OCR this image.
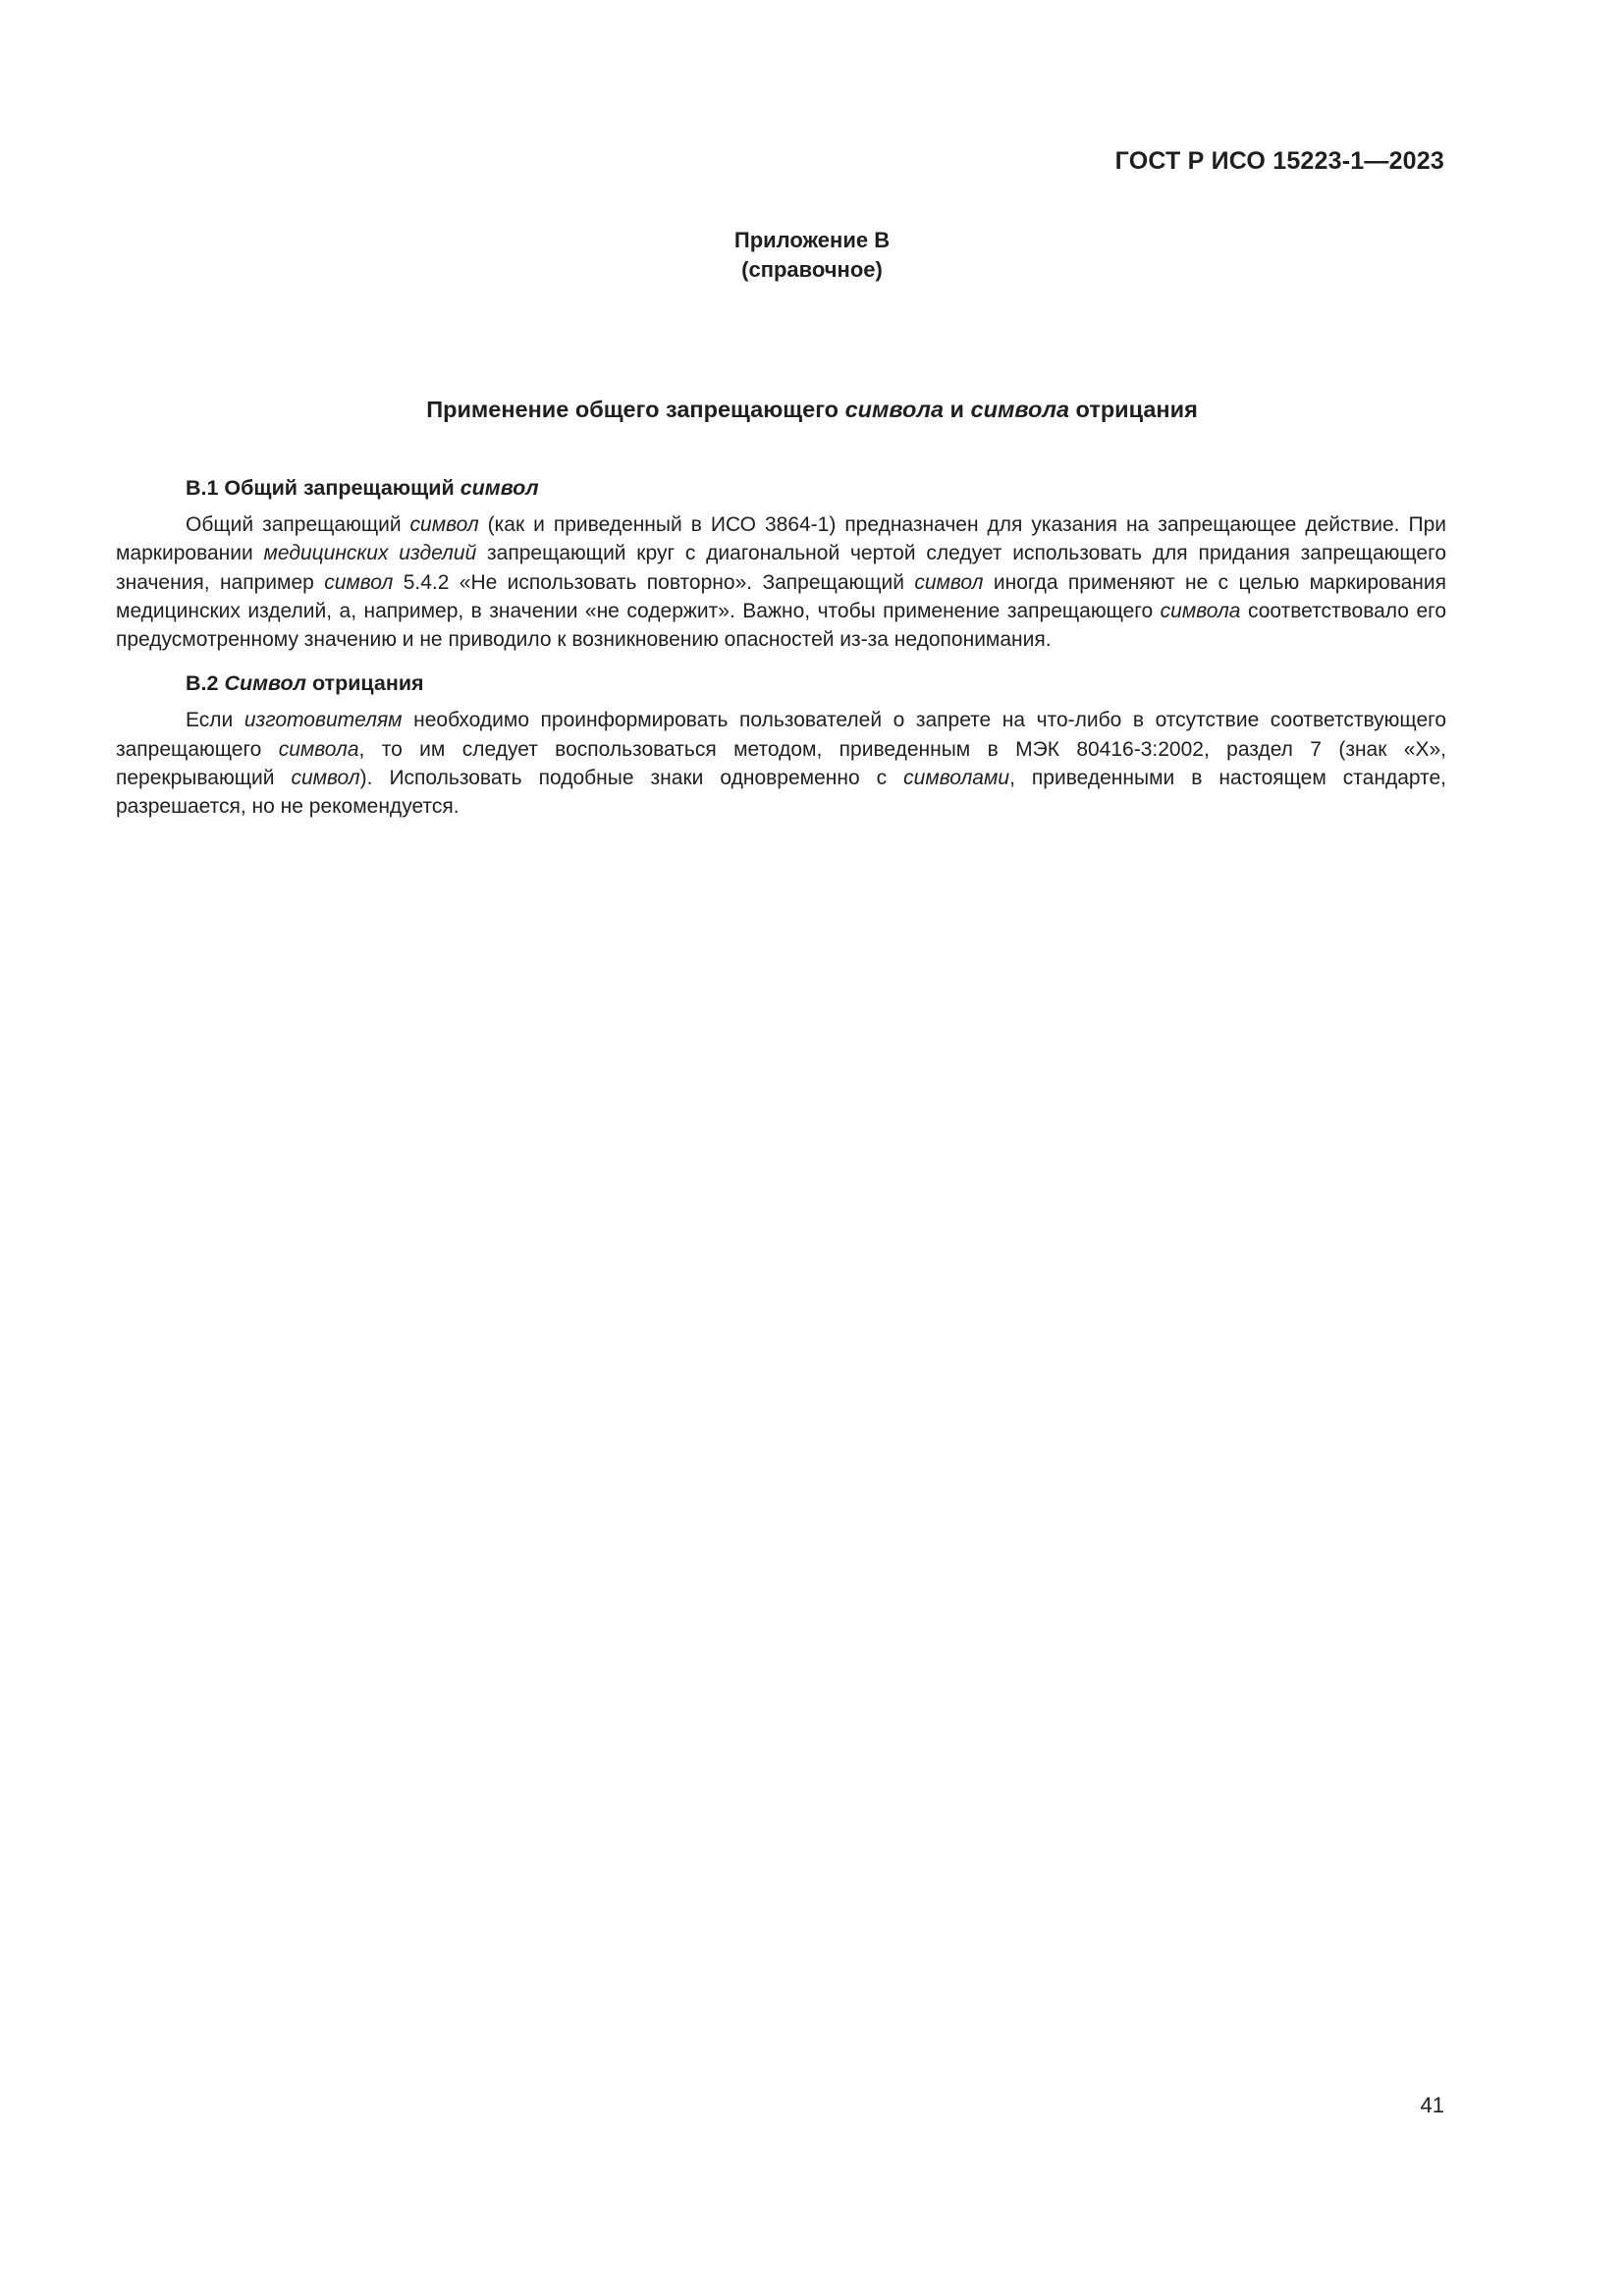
ГОСТ Р ИСО 15223-1—2023
Приложение В
(справочное)
Применение общего запрещающего символа и символа отрицания
В.1 Общий запрещающий символ

Общий запрещающий символ (как и приведенный в ИСО 3864-1) предназначен для указания на запрещающее действие. При маркировании медицинских изделий запрещающий круг с диагональной чертой следует использовать для придания запрещающего значения, например символ 5.4.2 «Не использовать повторно». Запрещающий символ иногда применяют не с целью маркирования медицинских изделий, а, например, в значении «не содержит». Важно, чтобы применение запрещающего символа соответствовало его предусмотренному значению и не приводило к возникновению опасностей из-за недопонимания.

В.2 Символ отрицания

Если изготовителям необходимо проинформировать пользователей о запрете на что-либо в отсутствие соответствующего запрещающего символа, то им следует воспользоваться методом, приведенным в МЭК 80416-3:2002, раздел 7 (знак «X», перекрывающий символ). Использовать подобные знаки одновременно с символами, приведенными в настоящем стандарте, разрешается, но не рекомендуется.

41
